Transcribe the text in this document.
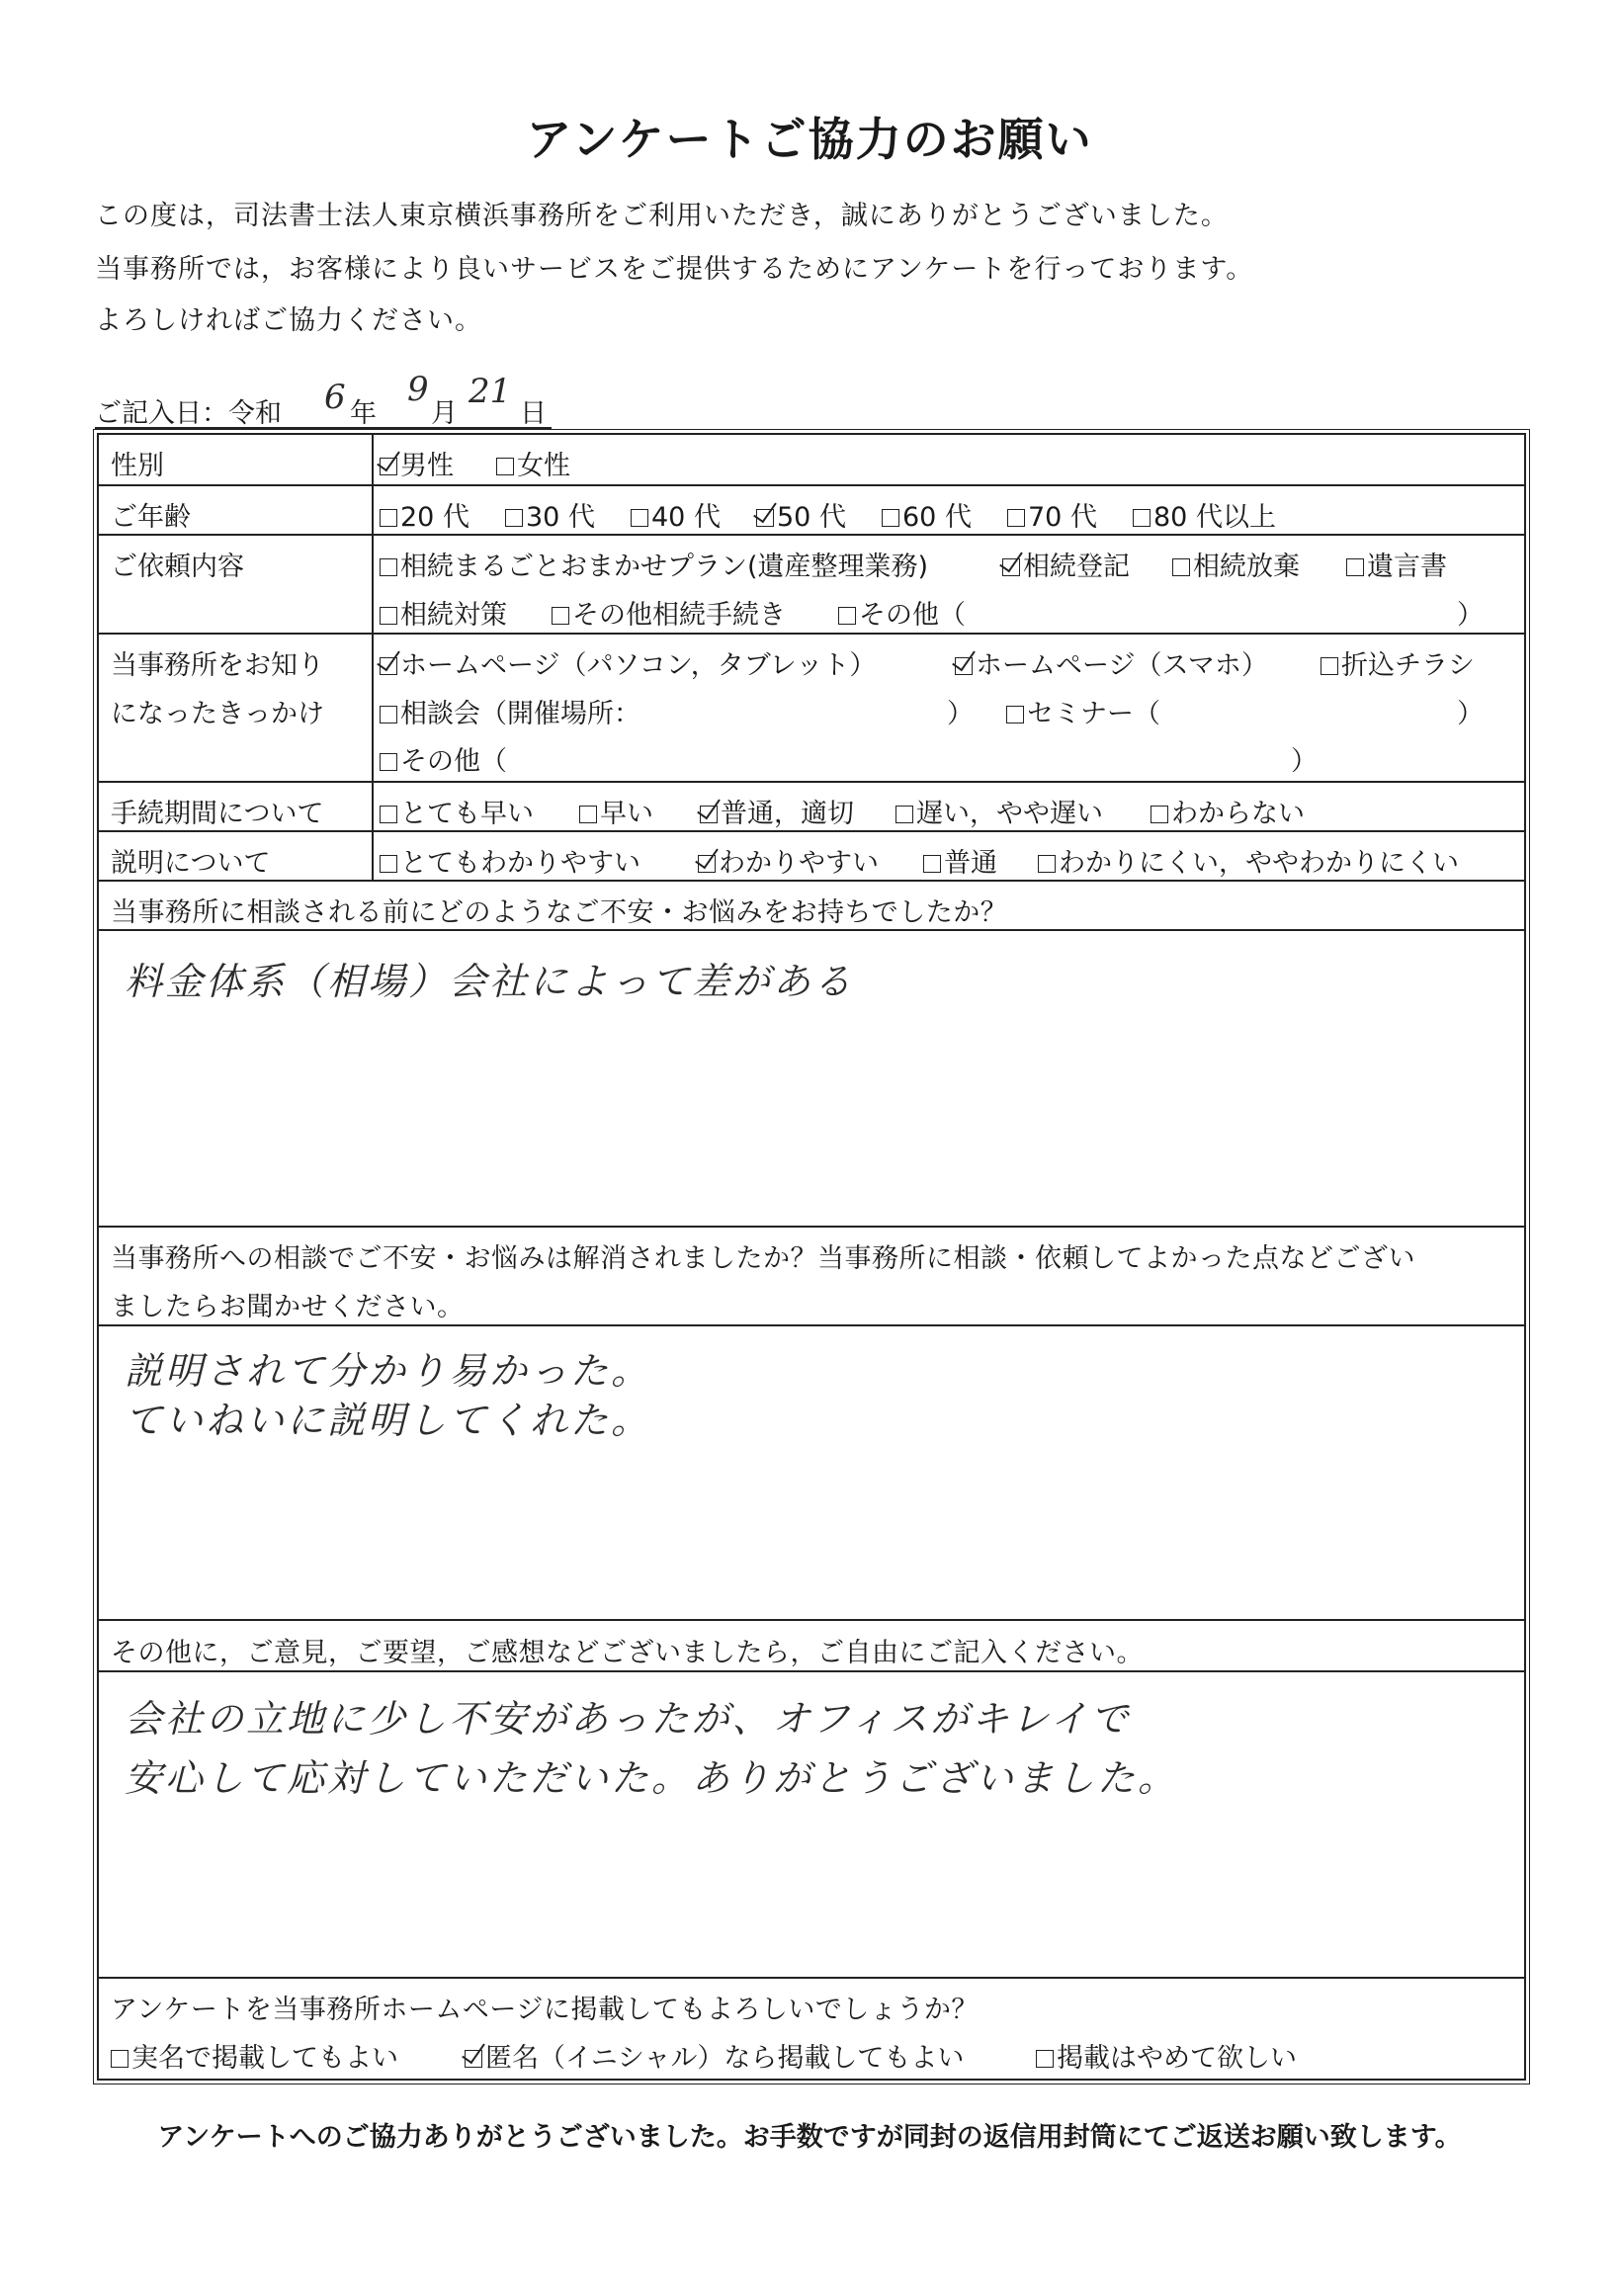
アンケートご協力のお願い
この度は，司法書士法人東京横浜事務所をご利用いただき，誠にありがとうございました。
当事務所では，お客様により良いサービスをご提供するためにアンケートを行っております。
よろしければご協力ください。
ご記入日：令和 6 年
9
月
21
日
性別	男性	女性
ご年齢	20 代	30 代	40 代	50 代	60 代	70 代	80 代以上
ご依頼内容	相続まるごとおまかせプラン(遺産整理業務)	相続登記	相続放棄	遺言書
相続対策	その他相続手続き	その他（	）
当事務所をお知り
になったきっかけ
ホームページ（パソコン，タブレット）	ホームページ（スマホ）	折込チラシ
相談会（開催場所：	）	セミナー（	）
その他（	）
手続期間について	とても早い	早い	普通，適切	遅い，やや遅い	わからない
説明について	とてもわかりやすい	わかりやすい	普通	わかりにくい，ややわかりにくい
当事務所に相談される前にどのようなご不安・お悩みをお持ちでしたか？
料金体系（相場）会社によって差がある
当事務所への相談でご不安・お悩みは解消されましたか？当事務所に相談・依頼してよかった点などござい
ましたらお聞かせください。
説明されて分かり易かった。
ていねいに説明してくれた。
その他に，ご意見，ご要望，ご感想などございましたら，ご自由にご記入ください。
会社の立地に少し不安があったが、オフィスがキレイで
安心して応対していただいた。ありがとうございました。
アンケートを当事務所ホームページに掲載してもよろしいでしょうか？
実名で掲載してもよい	匿名（イニシャル）なら掲載してもよい	掲載はやめて欲しい
アンケートへのご協力ありがとうございました。お手数ですが同封の返信用封筒にてご返送お願い致します。
